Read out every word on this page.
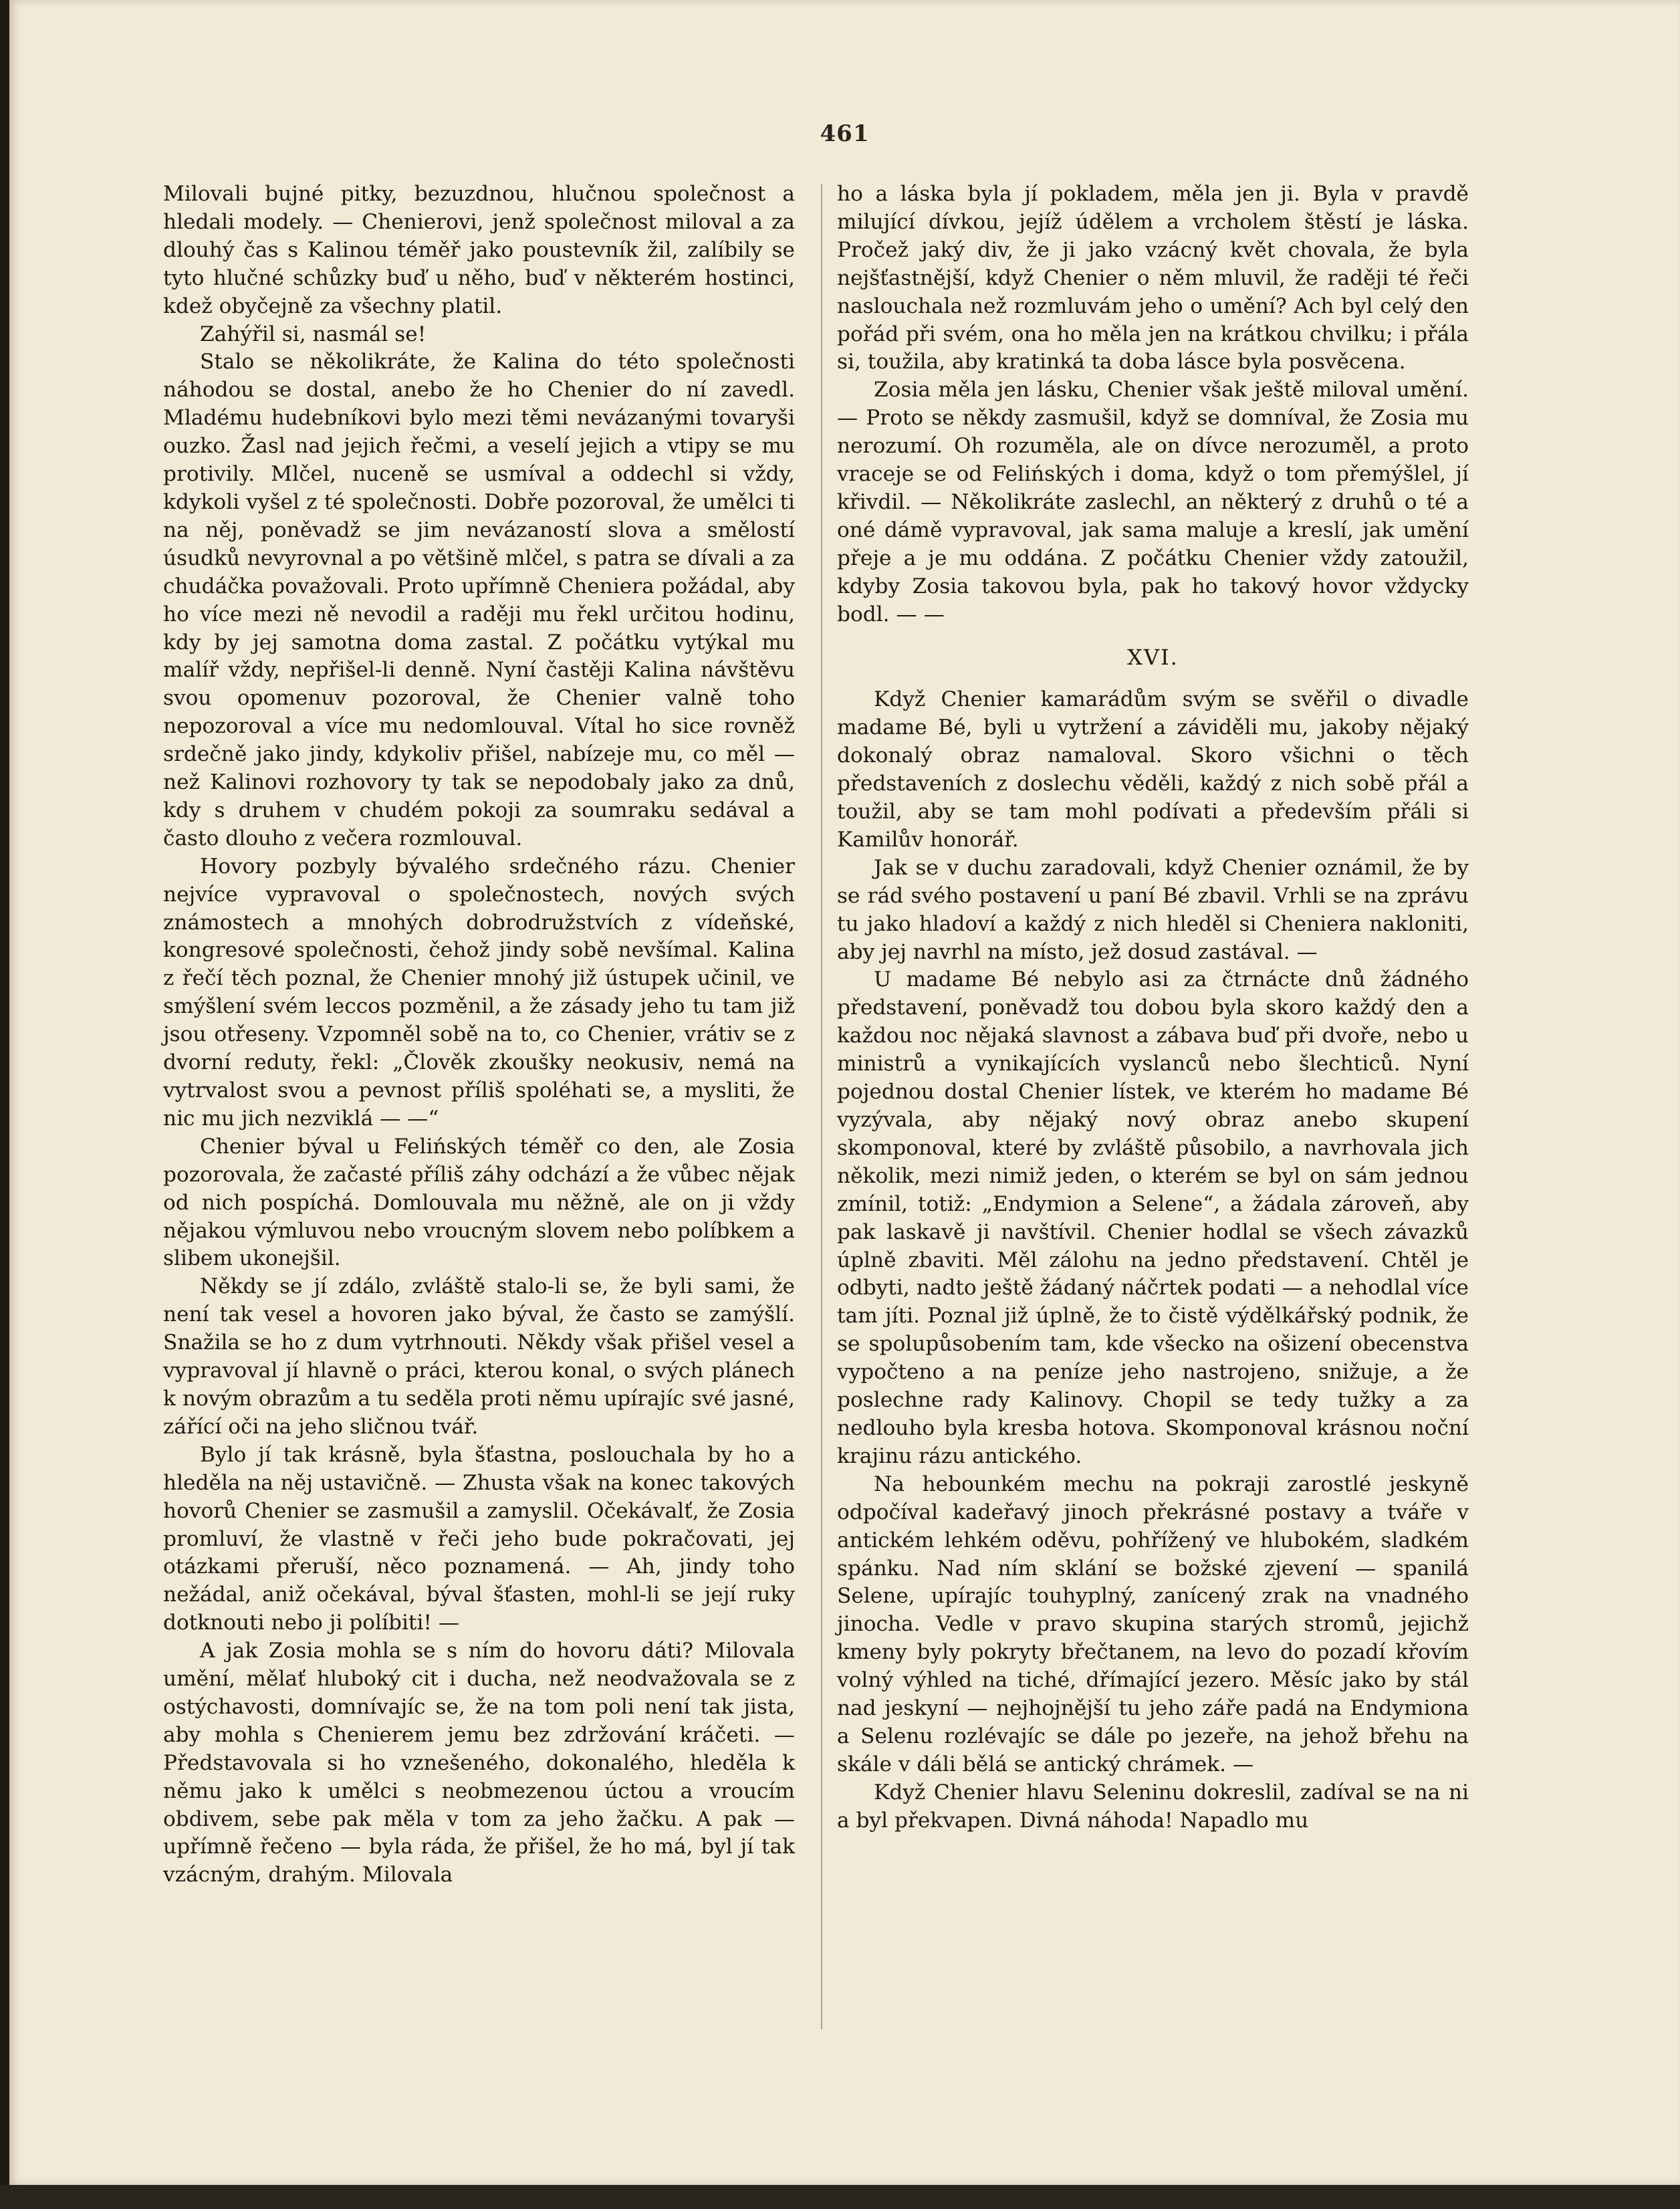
461

Milovali bujné pitky, bezuzdnou, hlučnou společnost a hledali modely. — Chenierovi, jenž společnost miloval a za dlouhý čas s Kalinou téměř jako poustevník žil, zalíbily se tyto hlučné schůzky buď u něho, buď v některém hostinci, kdež obyčejně za všechny platil.

Zahýřil si, nasmál se!

Stalo se několikráte, že Kalina do této společnosti náhodou se dostal, anebo že ho Chenier do ní zavedl. Mladému hudebníkovi bylo mezi těmi nevázanými tovaryši ouzko. Žasl nad jejich řečmi, a veselí jejich a vtipy se mu protivily. Mlčel, nuceně se usmíval a oddechl si vždy, kdykoli vyšel z té společnosti. Dobře pozoroval, že umělci ti na něj, poněvadž se jim nevázaností slova a smělostí úsudků nevyrovnal a po většině mlčel, s patra se dívali a za chudáčka považovali. Proto upřímně Cheniera požádal, aby ho více mezi ně nevodil a raději mu řekl určitou hodinu, kdy by jej samotna doma zastal. Z počátku vytýkal mu malíř vždy, nepřišel-li denně. Nyní častěji Kalina návštěvu svou opomenuv pozoroval, že Chenier valně toho nepozoroval a více mu nedomlouval. Vítal ho sice rovněž srdečně jako jindy, kdykoliv přišel, nabízeje mu, co měl — než Kalinovi rozhovory ty tak se nepodobaly jako za dnů, kdy s druhem v chudém pokoji za soumraku sedával a často dlouho z večera rozmlouval.

Hovory pozbyly bývalého srdečného rázu. Chenier nejvíce vypravoval o společnostech, nových svých známostech a mnohých dobrodružstvích z vídeňské, kongresové společnosti, čehož jindy sobě nevšímal. Kalina z řečí těch poznal, že Chenier mnohý již ústupek učinil, ve smýšlení svém leccos pozměnil, a že zásady jeho tu tam již jsou otřeseny. Vzpomněl sobě na to, co Chenier, vrátiv se z dvorní reduty, řekl: „Člověk zkoušky neokusiv, nemá na vytrvalost svou a pevnost příliš spoléhati se, a mysliti, že nic mu jich nezviklá — —“

Chenier býval u Felińských téměř co den, ale Zosia pozorovala, že začasté příliš záhy odchází a že vůbec nějak od nich pospíchá. Domlouvala mu něžně, ale on ji vždy nějakou výmluvou nebo vroucným slovem nebo políbkem a slibem ukonejšil.

Někdy se jí zdálo, zvláště stalo-li se, že byli sami, že není tak vesel a hovoren jako býval, že často se zamýšlí. Snažila se ho z dum vytrhnouti. Někdy však přišel vesel a vypravoval jí hlavně o práci, kterou konal, o svých plánech k novým obrazům a tu seděla proti němu upírajíc své jasné, zářící oči na jeho sličnou tvář.

Bylo jí tak krásně, byla šťastna, poslouchala by ho a hleděla na něj ustavičně. — Zhusta však na konec takových hovorů Chenier se zasmušil a zamyslil. Očekávalť, že Zosia promluví, že vlastně v řeči jeho bude pokračovati, jej otázkami přeruší, něco poznamená. — Ah, jindy toho nežádal, aniž očekával, býval šťasten, mohl-li se její ruky dotknouti nebo ji políbiti! —

A jak Zosia mohla se s ním do hovoru dáti? Milovala umění, mělať hluboký cit i ducha, než neodvažovala se z ostýchavosti, domnívajíc se, že na tom poli není tak jista, aby mohla s Chenierem jemu bez zdržování kráčeti. — Představovala si ho vznešeného, dokonalého, hleděla k němu jako k umělci s neobmezenou úctou a vroucím obdivem, sebe pak měla v tom za jeho žačku. A pak — upřímně řečeno — byla ráda, že přišel, že ho má, byl jí tak vzácným, drahým. Milovala

ho a láska byla jí pokladem, měla jen ji. Byla v pravdě milující dívkou, jejíž údělem a vrcholem štěstí je láska. Pročež jaký div, že ji jako vzácný květ chovala, že byla nejšťastnější, když Chenier o něm mluvil, že raději té řeči naslouchala než rozmluvám jeho o umění? Ach byl celý den pořád při svém, ona ho měla jen na krátkou chvilku; i přála si, toužila, aby kratinká ta doba lásce byla posvěcena.

Zosia měla jen lásku, Chenier však ještě miloval umění. — Proto se někdy zasmušil, když se domníval, že Zosia mu nerozumí. Oh rozuměla, ale on dívce nerozuměl, a proto vraceje se od Felińských i doma, když o tom přemýšlel, jí křivdil. — Několikráte zaslechl, an některý z druhů o té a oné dámě vypravoval, jak sama maluje a kreslí, jak umění přeje a je mu oddána. Z počátku Chenier vždy zatoužil, kdyby Zosia takovou byla, pak ho takový hovor vždycky bodl. — —

XVI.

Když Chenier kamarádům svým se svěřil o divadle madame Bé, byli u vytržení a záviděli mu, jakoby nějaký dokonalý obraz namaloval. Skoro všichni o těch představeních z doslechu věděli, každý z nich sobě přál a toužil, aby se tam mohl podívati a především přáli si Kamilův honorář.

Jak se v duchu zaradovali, když Chenier oznámil, že by se rád svého postavení u paní Bé zbavil. Vrhli se na zprávu tu jako hladoví a každý z nich hleděl si Cheniera nakloniti, aby jej navrhl na místo, jež dosud zastával. —

U madame Bé nebylo asi za čtrnácte dnů žádného představení, poněvadž tou dobou byla skoro každý den a každou noc nějaká slavnost a zábava buď při dvoře, nebo u ministrů a vynikajících vyslanců nebo šlechticů. Nyní pojednou dostal Chenier lístek, ve kterém ho madame Bé vyzývala, aby nějaký nový obraz anebo skupení skomponoval, které by zvláště působilo, a navrhovala jich několik, mezi nimiž jeden, o kterém se byl on sám jednou zmínil, totiž: „Endymion a Selene“, a žádala zároveň, aby pak laskavě ji navštívil. Chenier hodlal se všech závazků úplně zbaviti. Měl zálohu na jedno představení. Chtěl je odbyti, nadto ještě žádaný náčrtek podati — a nehodlal více tam jíti. Poznal již úplně, že to čistě výdělkářský podnik, že se spolupůsobením tam, kde všecko na ošizení obecenstva vypočteno a na peníze jeho nastrojeno, snižuje, a že poslechne rady Kalinovy. Chopil se tedy tužky a za nedlouho byla kresba hotova. Skomponoval krásnou noční krajinu rázu antického.

Na hebounkém mechu na pokraji zarostlé jeskyně odpočíval kadeřavý jinoch překrásné postavy a tváře v antickém lehkém oděvu, pohřížený ve hlubokém, sladkém spánku. Nad ním sklání se božské zjevení — spanilá Selene, upírajíc touhyplný, zanícený zrak na vnadného jinocha. Vedle v pravo skupina starých stromů, jejichž kmeny byly pokryty břečtanem, na levo do pozadí křovím volný výhled na tiché, dřímající jezero. Měsíc jako by stál nad jeskyní — nejhojnější tu jeho záře padá na Endymiona a Selenu rozlévajíc se dále po jezeře, na jehož břehu na skále v dáli bělá se antický chrámek. —

Když Chenier hlavu Seleninu dokreslil, zadíval se na ni a byl překvapen. Divná náhoda! Napadlo mu
